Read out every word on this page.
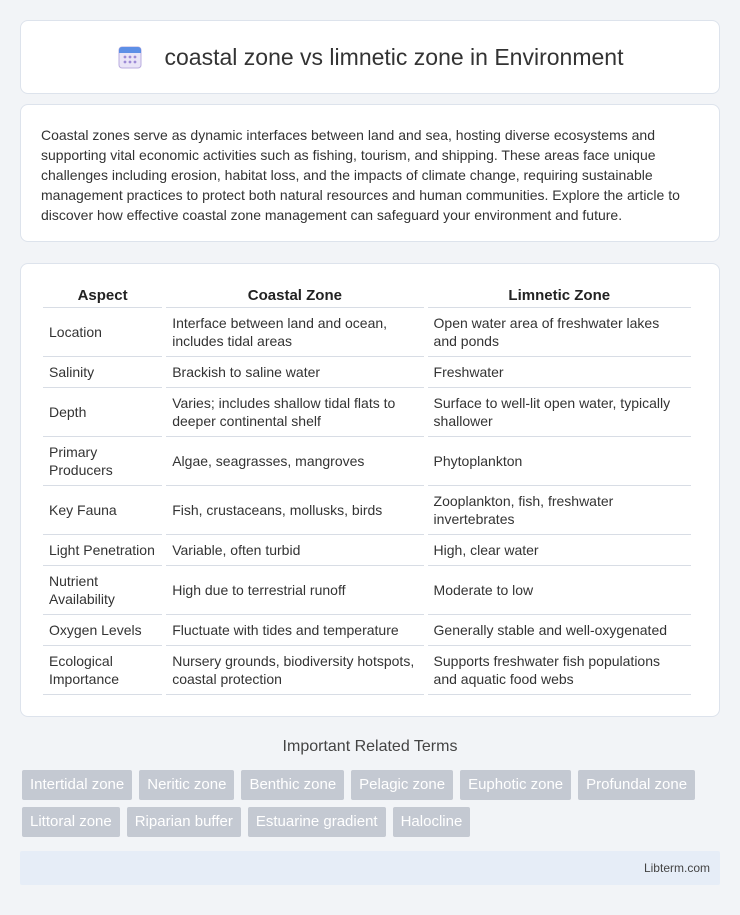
coastal zone vs limnetic zone in Environment

Coastal zones serve as dynamic interfaces between land and sea, hosting diverse ecosystems and supporting vital economic activities such as fishing, tourism, and shipping. These areas face unique challenges including erosion, habitat loss, and the impacts of climate change, requiring sustainable management practices to protect both natural resources and human communities. Explore the article to discover how effective coastal zone management can safeguard your environment and future.

Aspect	Coastal Zone	Limnetic Zone
Location	Interface between land and ocean, includes tidal areas	Open water area of freshwater lakes and ponds
Salinity	Brackish to saline water	Freshwater
Depth	Varies; includes shallow tidal flats to deeper continental shelf	Surface to well-lit open water, typically shallower
Primary Producers	Algae, seagrasses, mangroves	Phytoplankton
Key Fauna	Fish, crustaceans, mollusks, birds	Zooplankton, fish, freshwater invertebrates
Light Penetration	Variable, often turbid	High, clear water
Nutrient Availability	High due to terrestrial runoff	Moderate to low
Oxygen Levels	Fluctuate with tides and temperature	Generally stable and well-oxygenated
Ecological Importance	Nursery grounds, biodiversity hotspots, coastal protection	Supports freshwater fish populations and aquatic food webs
Important Related Terms
Intertidal zone	Neritic zone	Benthic zone	Pelagic zone	Euphotic zone	Profundal zone
Littoral zone	Riparian buffer	Estuarine gradient	Halocline
Libterm.com
